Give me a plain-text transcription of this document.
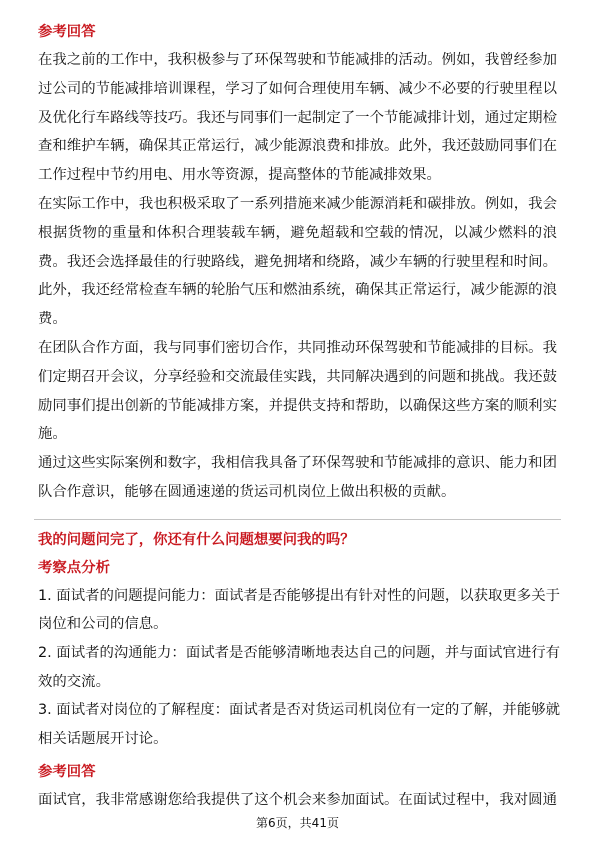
参考回答
在我之前的工作中，我积极参与了环保驾驶和节能减排的活动。例如，我曾经参加
过公司的节能减排培训课程，学习了如何合理使用车辆、减少不必要的行驶里程以
及优化行车路线等技巧。我还与同事们一起制定了一个节能减排计划，通过定期检
查和维护车辆，确保其正常运行，减少能源浪费和排放。此外，我还鼓励同事们在
工作过程中节约用电、用水等资源，提高整体的节能减排效果。
在实际工作中，我也积极采取了一系列措施来减少能源消耗和碳排放。例如，我会
根据货物的重量和体积合理装载车辆，避免超载和空载的情况，以减少燃料的浪
费。我还会选择最佳的行驶路线，避免拥堵和绕路，减少车辆的行驶里程和时间。
此外，我还经常检查车辆的轮胎气压和燃油系统，确保其正常运行，减少能源的浪
费。
在团队合作方面，我与同事们密切合作，共同推动环保驾驶和节能减排的目标。我
们定期召开会议，分享经验和交流最佳实践，共同解决遇到的问题和挑战。我还鼓
励同事们提出创新的节能减排方案，并提供支持和帮助，以确保这些方案的顺利实
施。
通过这些实际案例和数字，我相信我具备了环保驾驶和节能减排的意识、能力和团
队合作意识，能够在圆通速递的货运司机岗位上做出积极的贡献。
我的问题问完了，你还有什么问题想要问我的吗？
考察点分析
1. 面试者的问题提问能力：面试者是否能够提出有针对性的问题，以获取更多关于
岗位和公司的信息。
2. 面试者的沟通能力：面试者是否能够清晰地表达自己的问题，并与面试官进行有
效的交流。
3. 面试者对岗位的了解程度：面试者是否对货运司机岗位有一定的了解，并能够就
相关话题展开讨论。
参考回答
面试官，我非常感谢您给我提供了这个机会来参加面试。在面试过程中，我对圆通
第6页，共41页
